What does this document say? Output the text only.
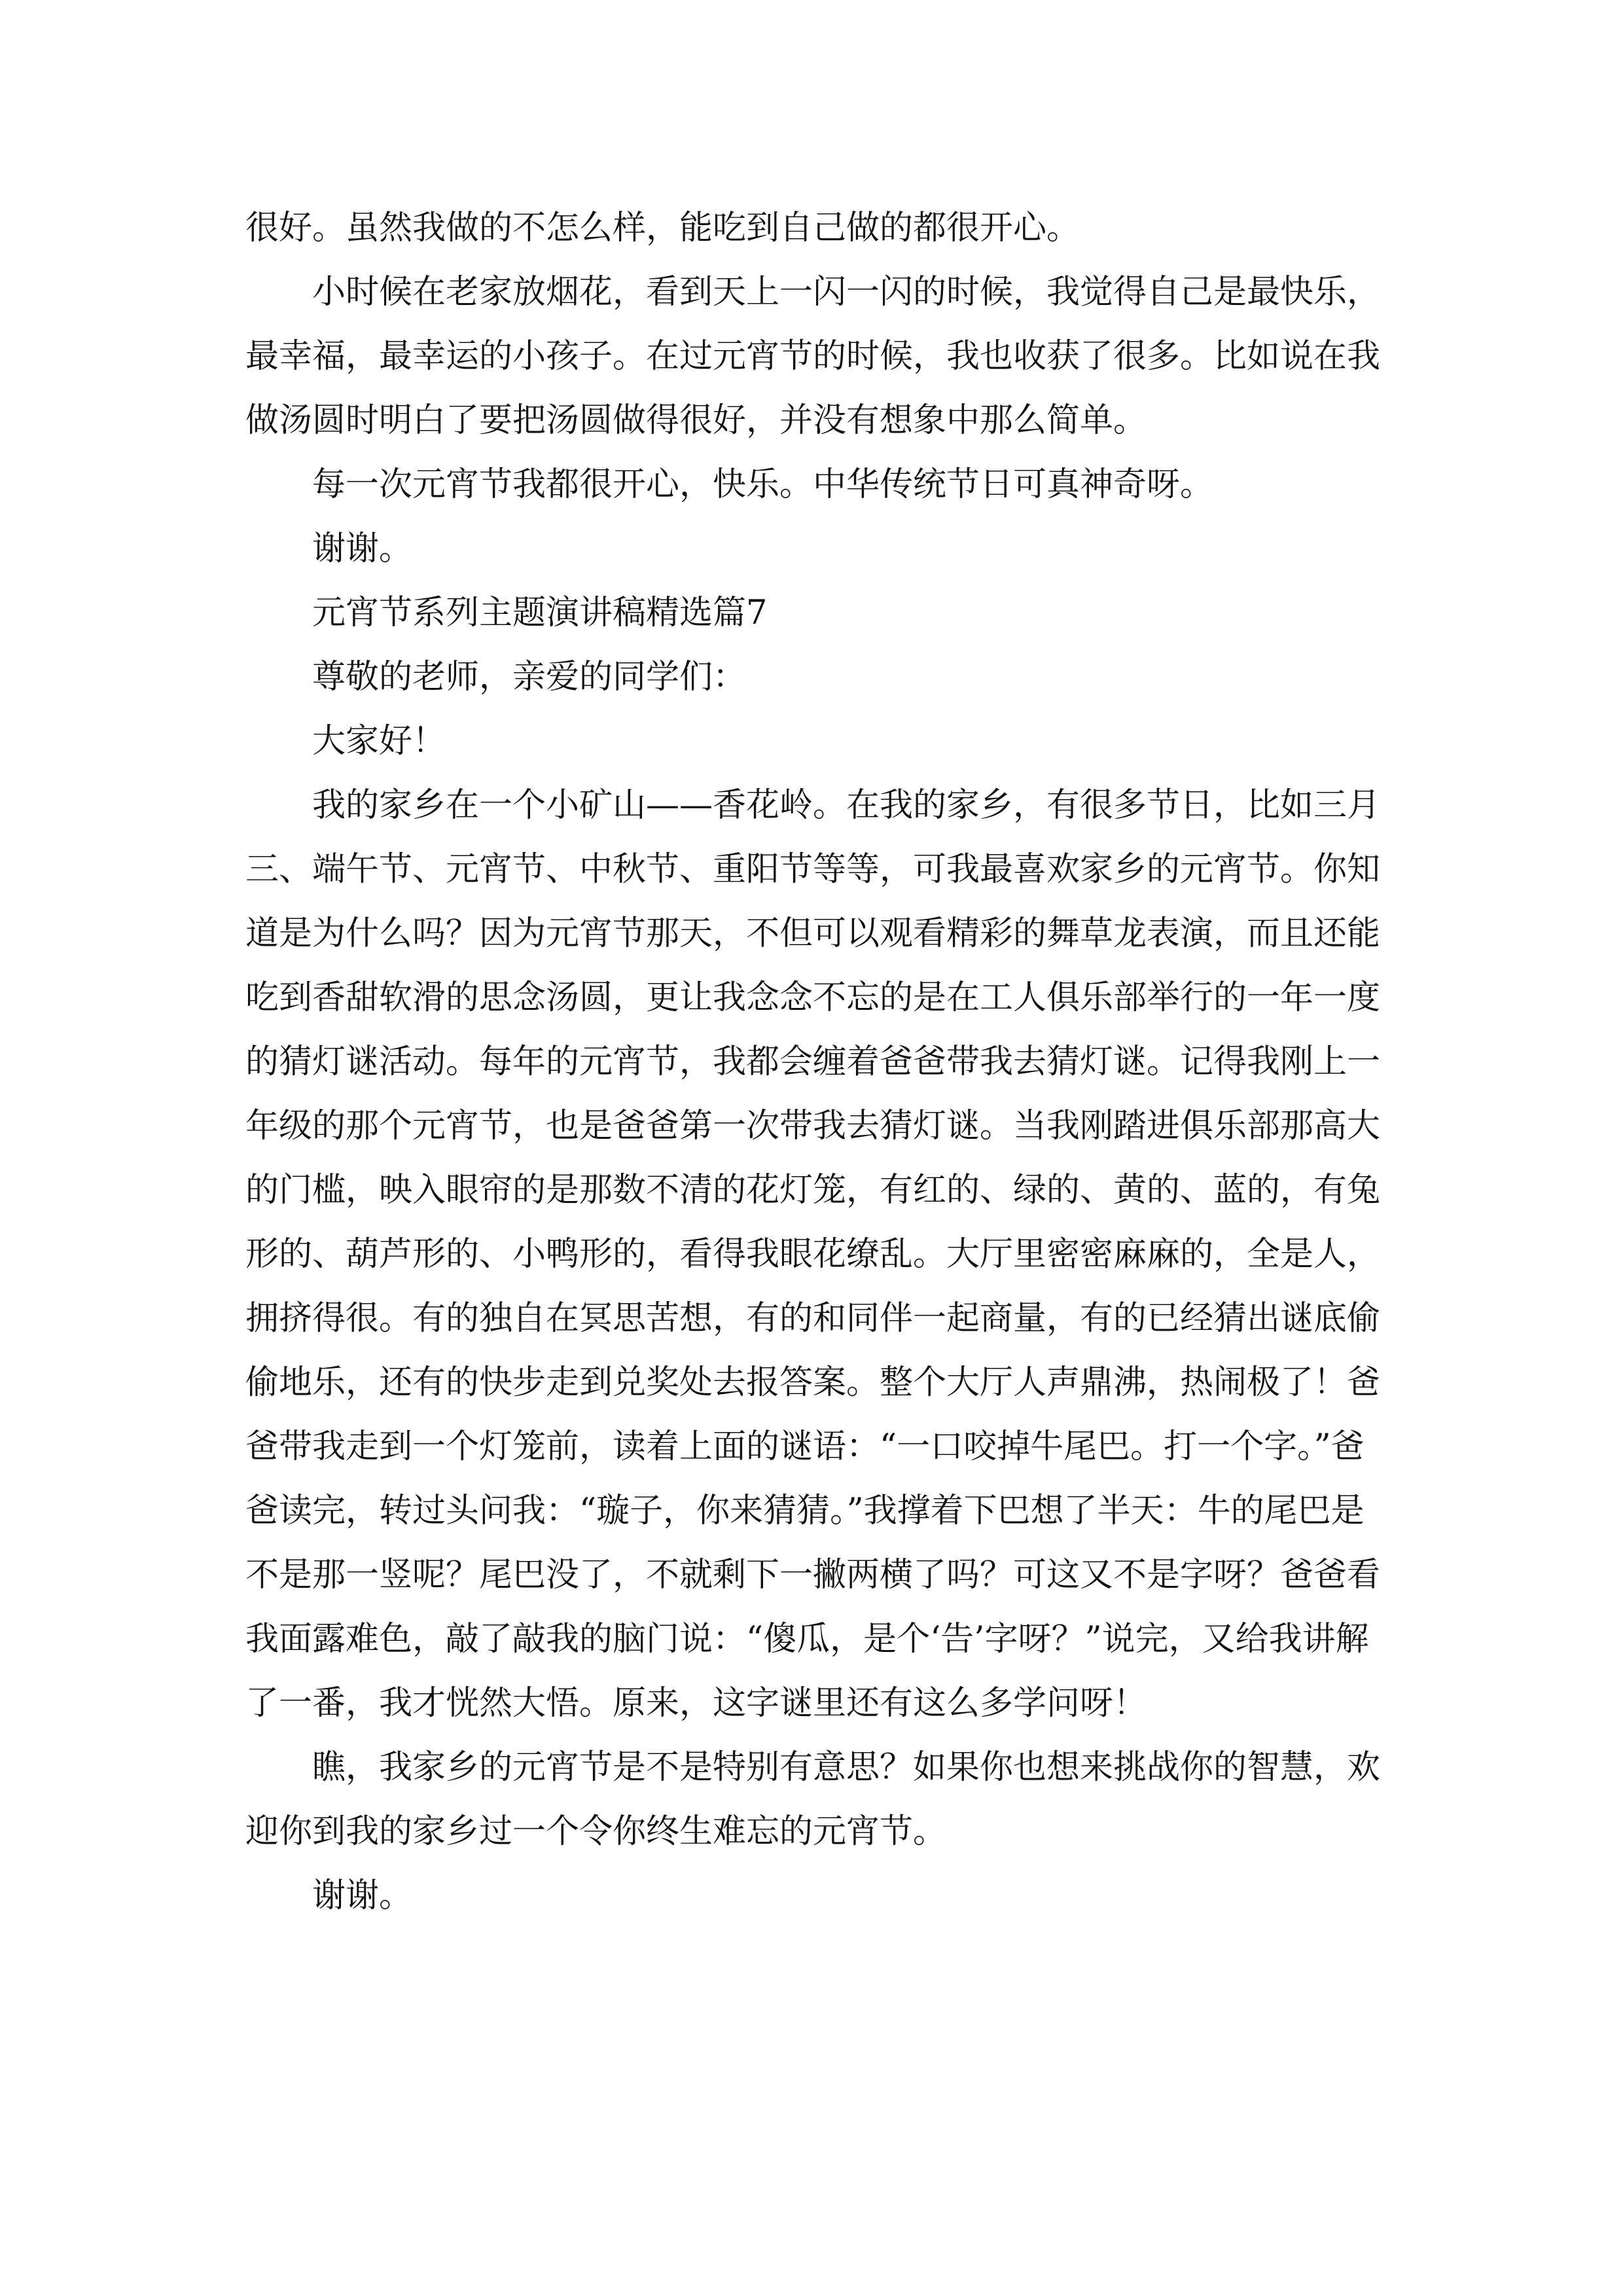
很好。虽然我做的不怎么样，能吃到自己做的都很开心。

小时候在老家放烟花，看到天上一闪一闪的时候，我觉得自己是最快乐，最幸福，最幸运的小孩子。在过元宵节的时候，我也收获了很多。比如说在我做汤圆时明白了要把汤圆做得很好，并没有想象中那么简单。

每一次元宵节我都很开心，快乐。中华传统节日可真神奇呀。

谢谢。

元宵节系列主题演讲稿精选篇7

尊敬的老师，亲爱的同学们：

大家好！

我的家乡在一个小矿山——香花岭。在我的家乡，有很多节日，比如三月三、端午节、元宵节、中秋节、重阳节等等，可我最喜欢家乡的元宵节。你知道是为什么吗？因为元宵节那天，不但可以观看精彩的舞草龙表演，而且还能吃到香甜软滑的思念汤圆，更让我念念不忘的是在工人俱乐部举行的一年一度的猜灯谜活动。每年的元宵节，我都会缠着爸爸带我去猜灯谜。记得我刚上一年级的那个元宵节，也是爸爸第一次带我去猜灯谜。当我刚踏进俱乐部那高大的门槛，映入眼帘的是那数不清的花灯笼，有红的、绿的、黄的、蓝的，有兔形的、葫芦形的、小鸭形的，看得我眼花缭乱。大厅里密密麻麻的，全是人，拥挤得很。有的独自在冥思苦想，有的和同伴一起商量，有的已经猜出谜底偷偷地乐，还有的快步走到兑奖处去报答案。整个大厅人声鼎沸，热闹极了！爸爸带我走到一个灯笼前，读着上面的谜语：“一口咬掉牛尾巴。打一个字。”爸爸读完，转过头问我：“璇子，你来猜猜。”我撑着下巴想了半天：牛的尾巴是不是那一竖呢？尾巴没了，不就剩下一撇两横了吗？可这又不是字呀？爸爸看我面露难色，敲了敲我的脑门说：“傻瓜，是个‘告’字呀？”说完，又给我讲解了一番，我才恍然大悟。原来，这字谜里还有这么多学问呀！

瞧，我家乡的元宵节是不是特别有意思？如果你也想来挑战你的智慧，欢迎你到我的家乡过一个令你终生难忘的元宵节。

谢谢。
